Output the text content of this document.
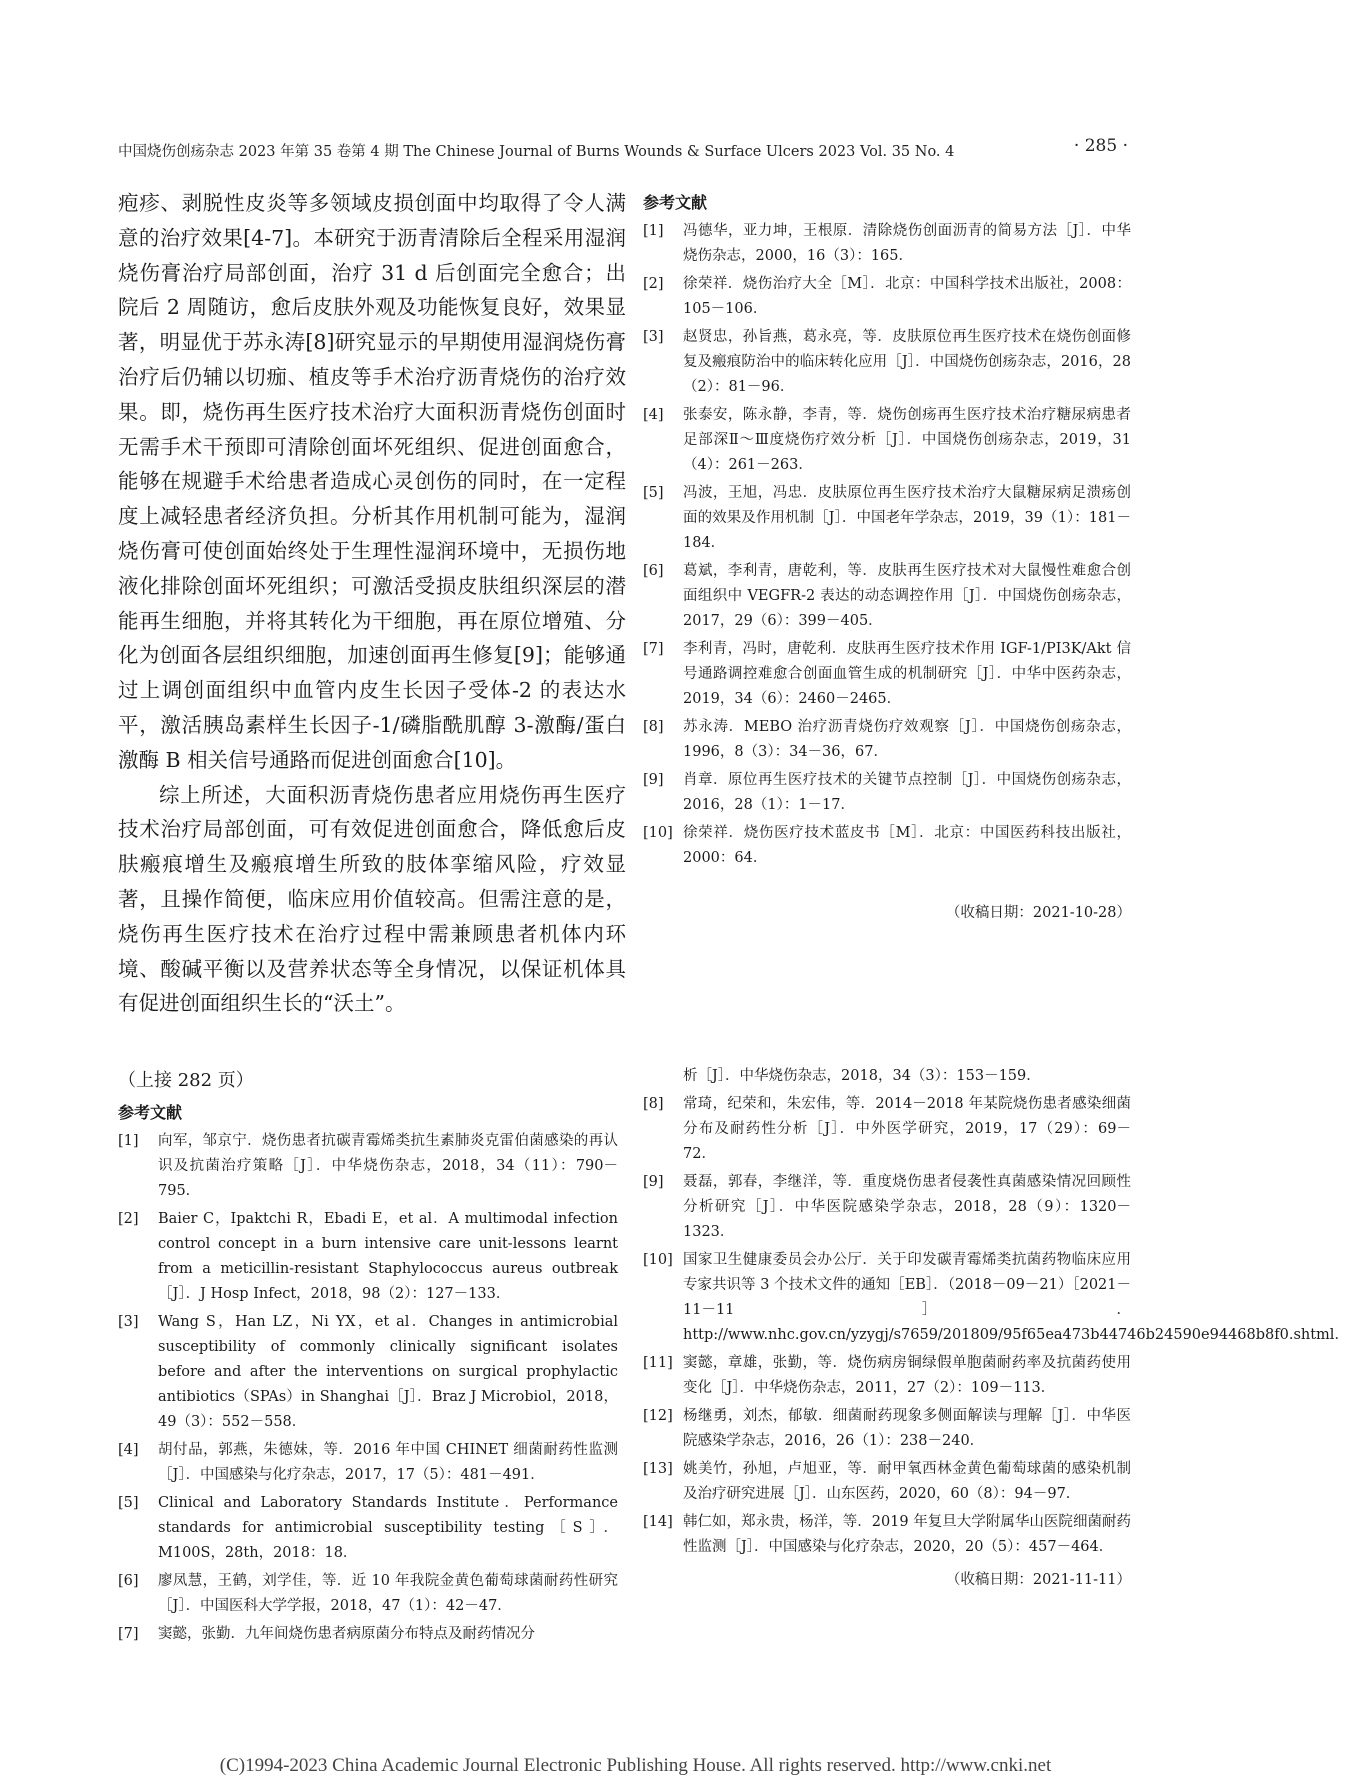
中国烧伤创疡杂志 2023 年第 35 卷第 4 期 The Chinese Journal of Burns Wounds & Surface Ulcers 2023 Vol. 35 No. 4	· 285 ·

疱疹、剥脱性皮炎等多领域皮损创面中均取得了令人满意的治疗效果[4-7]。本研究于沥青清除后全程采用湿润烧伤膏治疗局部创面，治疗 31 d 后创面完全愈合；出院后 2 周随访，愈后皮肤外观及功能恢复良好，效果显著，明显优于苏永涛[8]研究显示的早期使用湿润烧伤膏治疗后仍辅以切痂、植皮等手术治疗沥青烧伤的治疗效果。即，烧伤再生医疗技术治疗大面积沥青烧伤创面时无需手术干预即可清除创面坏死组织、促进创面愈合，能够在规避手术给患者造成心灵创伤的同时，在一定程度上减轻患者经济负担。分析其作用机制可能为，湿润烧伤膏可使创面始终处于生理性湿润环境中，无损伤地液化排除创面坏死组织；可激活受损皮肤组织深层的潜能再生细胞，并将其转化为干细胞，再在原位增殖、分化为创面各层组织细胞，加速创面再生修复[9]；能够通过上调创面组织中血管内皮生长因子受体-2 的表达水平，激活胰岛素样生长因子-1/磷脂酰肌醇 3-激酶/蛋白激酶 B 相关信号通路而促进创面愈合[10]。

综上所述，大面积沥青烧伤患者应用烧伤再生医疗技术治疗局部创面，可有效促进创面愈合，降低愈后皮肤瘢痕增生及瘢痕增生所致的肢体挛缩风险，疗效显著，且操作简便，临床应用价值较高。但需注意的是，烧伤再生医疗技术在治疗过程中需兼顾患者机体内环境、酸碱平衡以及营养状态等全身情况，以保证机体具有促进创面组织生长的“沃土”。

参考文献
[1] 冯德华，亚力坤，王根原．清除烧伤创面沥青的简易方法［J］．中华烧伤杂志，2000，16（3）：165．
[2] 徐荣祥．烧伤治疗大全［M］．北京：中国科学技术出版社，2008：105－106．
[3] 赵贤忠，孙旨燕，葛永亮，等．皮肤原位再生医疗技术在烧伤创面修复及瘢痕防治中的临床转化应用［J］．中国烧伤创疡杂志，2016，28（2）：81－96．
[4] 张泰安，陈永静，李青，等．烧伤创疡再生医疗技术治疗糖尿病患者足部深Ⅱ～Ⅲ度烧伤疗效分析［J］．中国烧伤创疡杂志，2019，31（4）：261－263．
[5] 冯波，王旭，冯忠．皮肤原位再生医疗技术治疗大鼠糖尿病足溃疡创面的效果及作用机制［J］．中国老年学杂志，2019，39（1）：181－184．
[6] 葛斌，李利青，唐乾利，等．皮肤再生医疗技术对大鼠慢性难愈合创面组织中 VEGFR-2 表达的动态调控作用［J］．中国烧伤创疡杂志，2017，29（6）：399－405．
[7] 李利青，冯时，唐乾利．皮肤再生医疗技术作用 IGF-1/PI3K/Akt 信号通路调控难愈合创面血管生成的机制研究［J］．中华中医药杂志，2019，34（6）：2460－2465．
[8] 苏永涛．MEBO 治疗沥青烧伤疗效观察［J］．中国烧伤创疡杂志，1996，8（3）：34－36，67．
[9] 肖章．原位再生医疗技术的关键节点控制［J］．中国烧伤创疡杂志，2016，28（1）：1－17．
[10] 徐荣祥．烧伤医疗技术蓝皮书［M］．北京：中国医药科技出版社，2000：64．
（收稿日期：2021-10-28）
（上接 282 页）
参考文献
[1] 向军，邹京宁．烧伤患者抗碳青霉烯类抗生素肺炎克雷伯菌感染的再认识及抗菌治疗策略［J］．中华烧伤杂志，2018，34（11）：790－795．
[2] Baier C，Ipaktchi R，Ebadi E，et al．A multimodal infection control concept in a burn intensive care unit-lessons learnt from a meticillin-resistant Staphylococcus aureus outbreak［J］．J Hosp Infect，2018，98（2）：127－133．
[3] Wang S，Han LZ，Ni YX，et al．Changes in antimicrobial susceptibility of commonly clinically significant isolates before and after the interventions on surgical prophylactic antibiotics（SPAs）in Shanghai［J］．Braz J Microbiol，2018，49（3）：552－558．
[4] 胡付品，郭燕，朱德妹，等．2016 年中国 CHINET 细菌耐药性监测［J］．中国感染与化疗杂志，2017，17（5）：481－491．
[5] Clinical and Laboratory Standards Institute．Performance standards for antimicrobial susceptibility testing［S］．M100S，28th，2018：18．
[6] 廖凤慧，王鹤，刘学佳，等．近 10 年我院金黄色葡萄球菌耐药性研究［J］．中国医科大学学报，2018，47（1）：42－47．
[7] 窦懿，张勤．九年间烧伤患者病原菌分布特点及耐药情况分
析［J］．中华烧伤杂志，2018，34（3）：153－159．
[8] 常琦，纪荣和，朱宏伟，等．2014－2018 年某院烧伤患者感染细菌分布及耐药性分析［J］．中外医学研究，2019，17（29）：69－72．
[9] 聂磊，郭春，李继洋，等．重度烧伤患者侵袭性真菌感染情况回顾性分析研究［J］．中华医院感染学杂志，2018，28（9）：1320－1323．
[10] 国家卫生健康委员会办公厅．关于印发碳青霉烯类抗菌药物临床应用专家共识等 3 个技术文件的通知［EB］．（2018－09－21）［2021－11－11］．http://www.nhc.gov.cn/yzygj/s7659/201809/95f65ea473b44746b24590e94468b8f0.shtml．
[11] 窦懿，章雄，张勤，等．烧伤病房铜绿假单胞菌耐药率及抗菌药使用变化［J］．中华烧伤杂志，2011，27（2）：109－113．
[12] 杨继勇，刘杰，郁敏．细菌耐药现象多侧面解读与理解［J］．中华医院感染学杂志，2016，26（1）：238－240．
[13] 姚美竹，孙旭，卢旭亚，等．耐甲氧西林金黄色葡萄球菌的感染机制及治疗研究进展［J］．山东医药，2020，60（8）：94－97．
[14] 韩仁如，郑永贵，杨洋，等．2019 年复旦大学附属华山医院细菌耐药性监测［J］．中国感染与化疗杂志，2020，20（5）：457－464．
（收稿日期：2021-11-11）
(C)1994-2023 China Academic Journal Electronic Publishing House. All rights reserved. http://www.cnki.net
